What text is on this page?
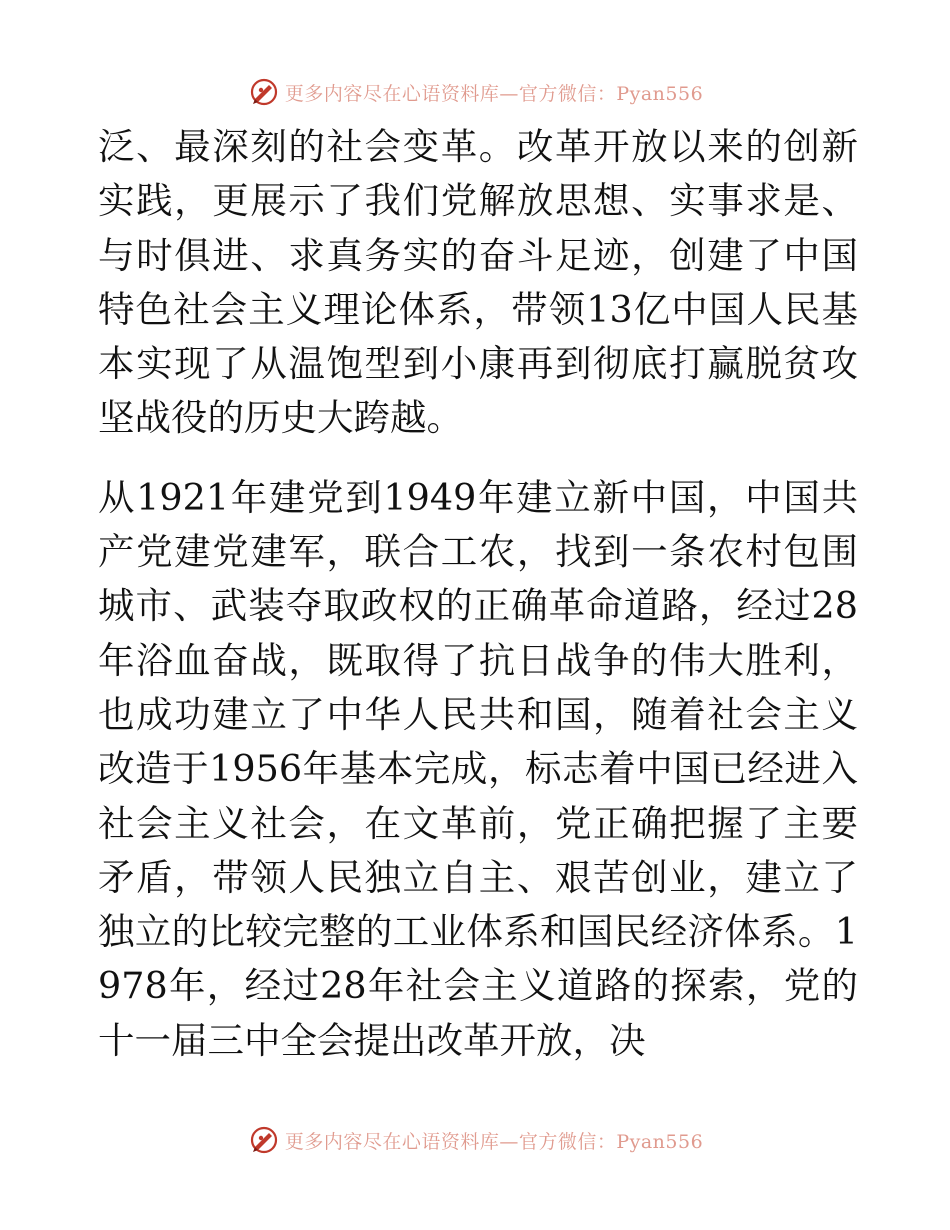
更多内容尽在心语资料库—官方微信：Pyan556

泛、最深刻的社会变革。改革开放以来的创新实践，更展示了我们党解放思想、实事求是、与时俱进、求真务实的奋斗足迹，创建了中国特色社会主义理论体系，带领13亿中国人民基本实现了从温饱型到小康再到彻底打赢脱贫攻坚战役的历史大跨越。

从1921年建党到1949年建立新中国，中国共产党建党建军，联合工农，找到一条农村包围城市、武装夺取政权的正确革命道路，经过28年浴血奋战，既取得了抗日战争的伟大胜利，也成功建立了中华人民共和国，随着社会主义改造于1956年基本完成，标志着中国已经进入社会主义社会，在文革前，党正确把握了主要矛盾，带领人民独立自主、艰苦创业，建立了独立的比较完整的工业体系和国民经济体系。1978年，经过28年社会主义道路的探索，党的十一届三中全会提出改革开放，决

更多内容尽在心语资料库—官方微信：Pyan556
